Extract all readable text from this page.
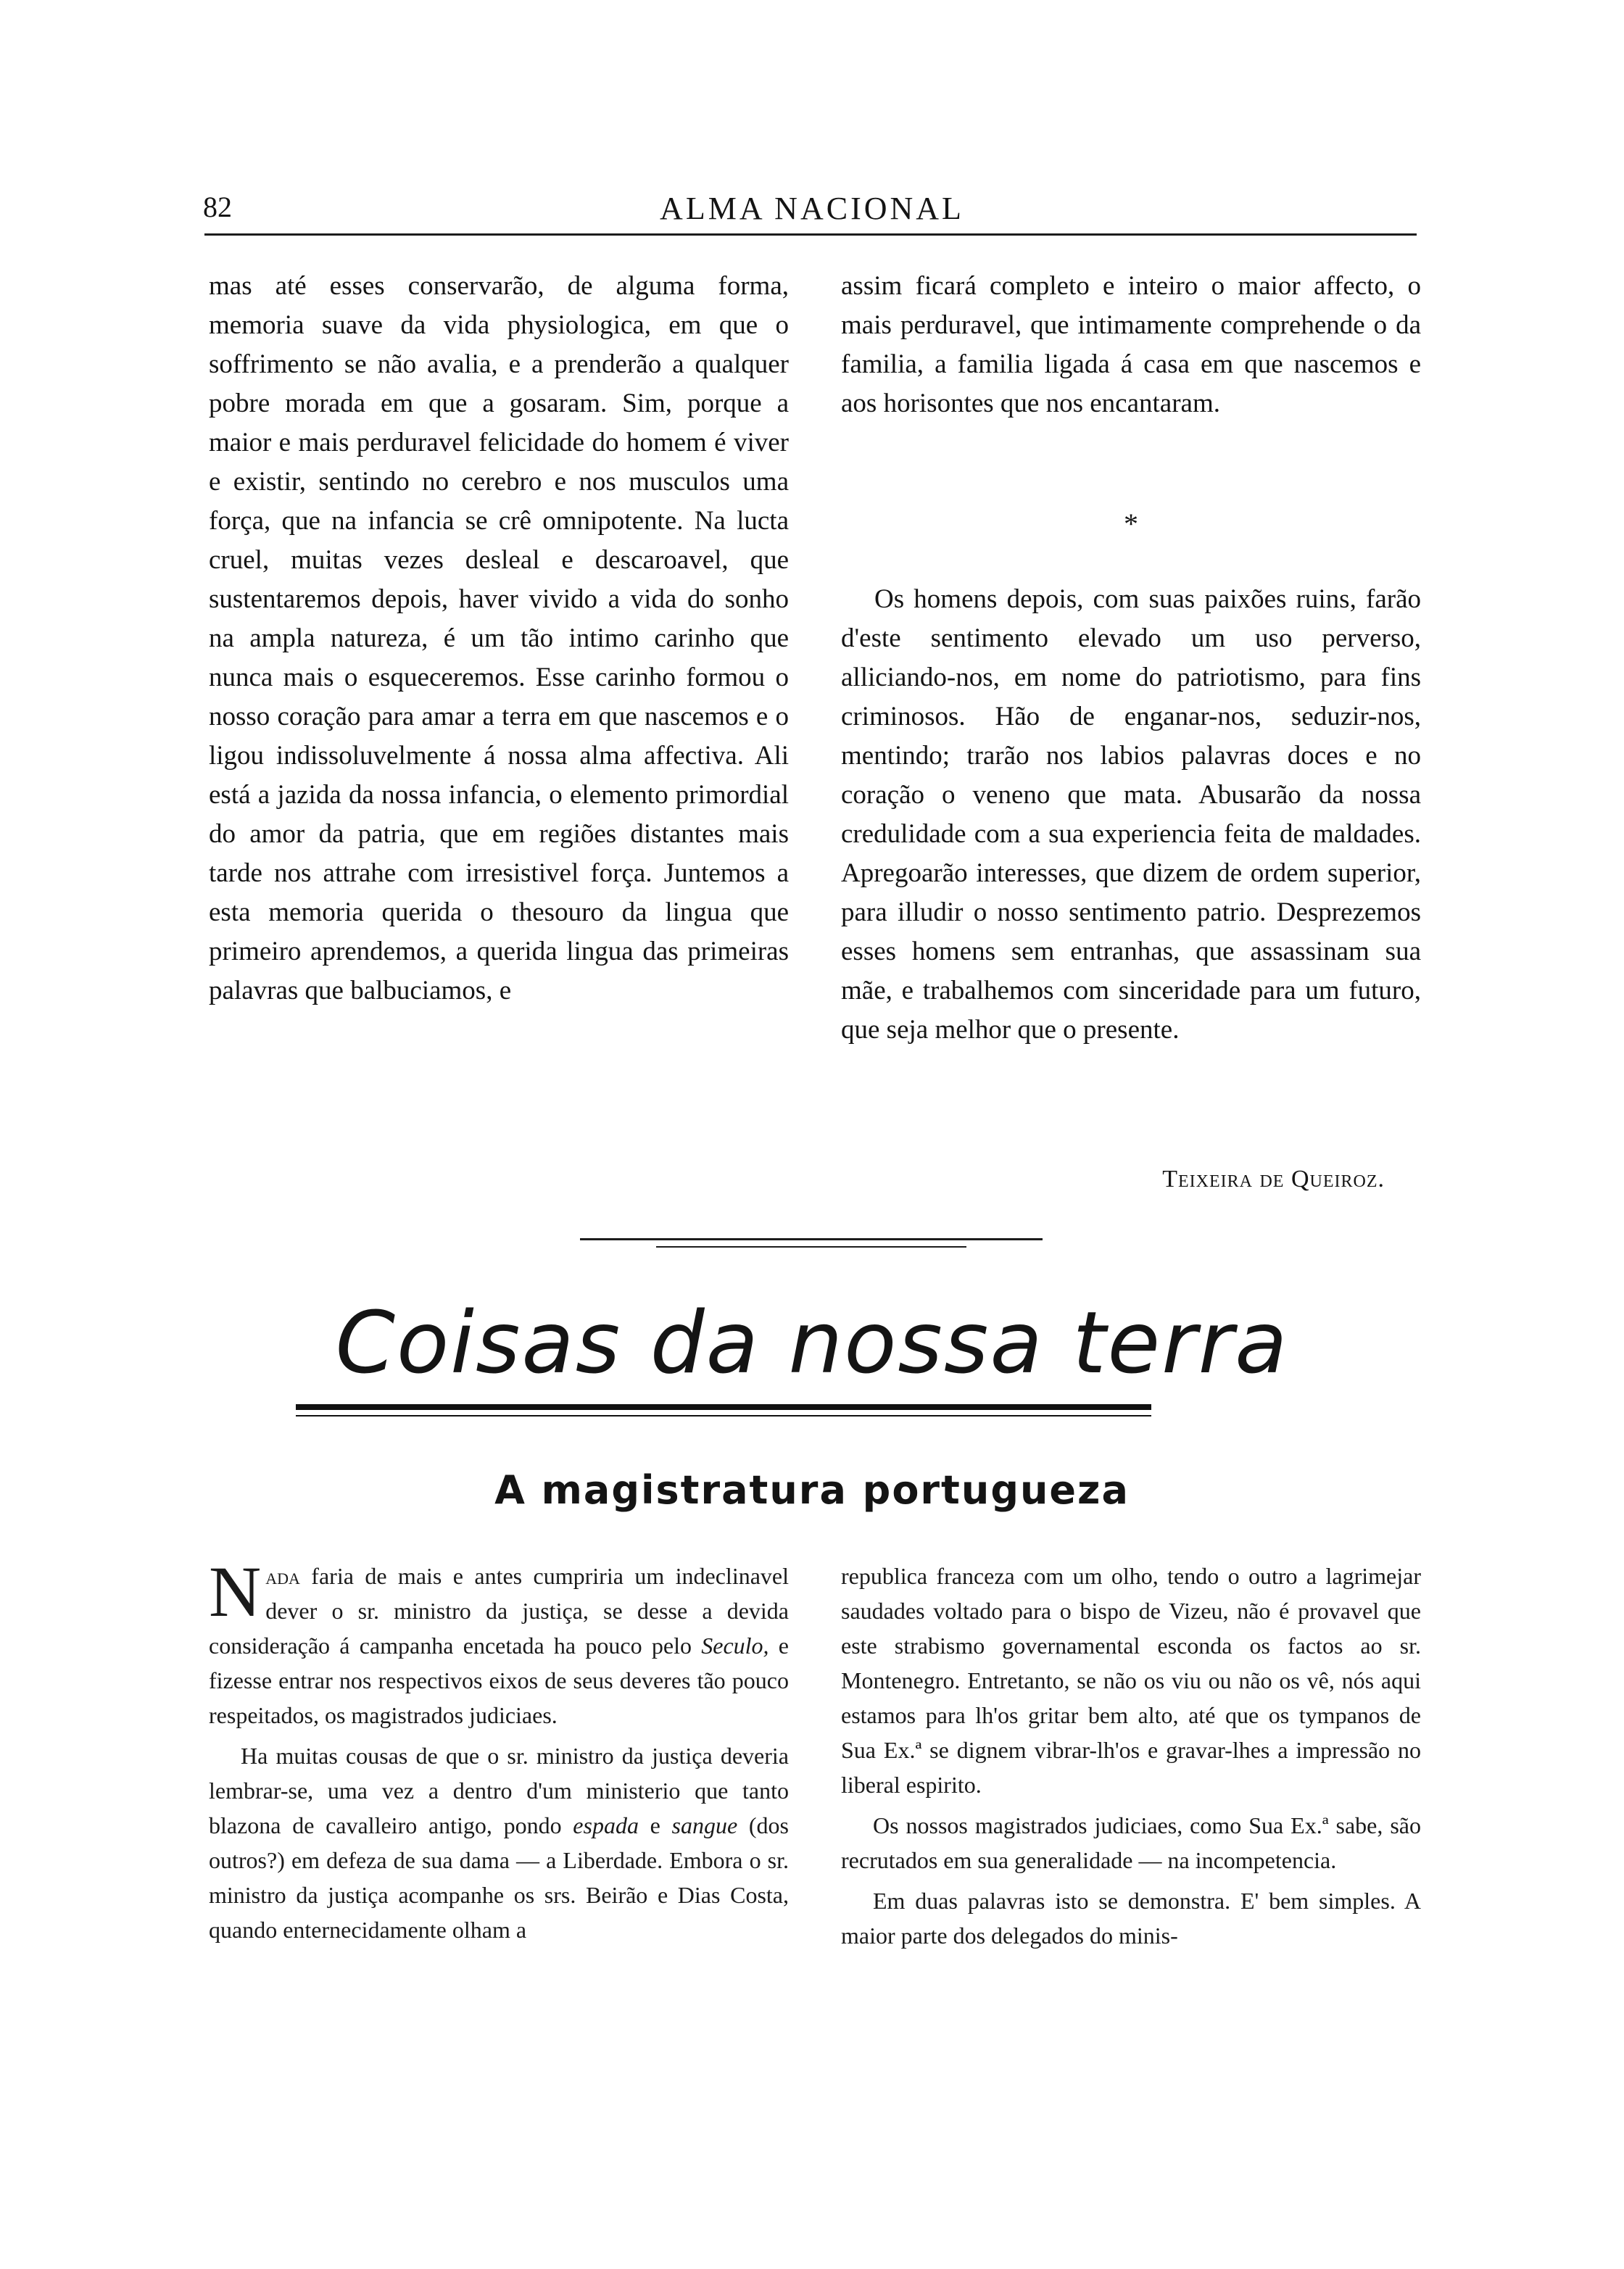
82	ALMA NACIONAL

mas até esses conservarão, de alguma forma, memoria suave da vida physiologica, em que o soffrimento se não avalia, e a prenderão a qualquer pobre morada em que a gosaram. Sim, porque a maior e mais perduravel felicidade do homem é viver e existir, sentindo no cerebro e nos musculos uma força, que na infancia se crê omnipotente. Na lucta cruel, muitas vezes desleal e descaroavel, que sustentaremos depois, haver vivido a vida do sonho na ampla natureza, é um tão intimo carinho que nunca mais o esqueceremos. Esse carinho formou o nosso coração para amar a terra em que nascemos e o ligou indissoluvelmente á nossa alma affectiva. Ali está a jazida da nossa infancia, o elemento primordial do amor da patria, que em regiões distantes mais tarde nos attrahe com irresistivel força. Juntemos a esta memoria querida o thesouro da lingua que primeiro aprendemos, a querida lingua das primeiras palavras que balbuciamos, e

assim ficará completo e inteiro o maior affecto, o mais perduravel, que intimamente comprehende o da familia, a familia ligada á casa em que nascemos e aos horisontes que nos encantaram.

*

Os homens depois, com suas paixões ruins, farão d'este sentimento elevado um uso perverso, alliciando-nos, em nome do patriotismo, para fins criminosos. Hão de enganar-nos, seduzir-nos, mentindo; trarão nos labios palavras doces e no coração o veneno que mata. Abusarão da nossa credulidade com a sua experiencia feita de maldades. Apregoarão interesses, que dizem de ordem superior, para illudir o nosso sentimento patrio. Desprezemos esses homens sem entranhas, que assassinam sua mãe, e trabalhemos com sinceridade para um futuro, que seja melhor que o presente.

Teixeira de Queiroz.
Coisas da nossa terra
A magistratura portugueza

Nada faria de mais e antes cumpriria um indeclinavel dever o sr. ministro da justiça, se desse a devida consideração á campanha encetada ha pouco pelo Seculo, e fizesse entrar nos respectivos eixos de seus deveres tão pouco respeitados, os magistrados judiciaes.

Ha muitas cousas de que o sr. ministro da justiça deveria lembrar-se, uma vez a dentro d'um ministerio que tanto blazona de cavalleiro antigo, pondo espada e sangue (dos outros?) em defeza de sua dama — a Liberdade. Embora o sr. ministro da justiça acompanhe os srs. Beirão e Dias Costa, quando enternecidamente olham a

republica franceza com um olho, tendo o outro a lagrimejar saudades voltado para o bispo de Vizeu, não é provavel que este strabismo governamental esconda os factos ao sr. Montenegro. Entretanto, se não os viu ou não os vê, nós aqui estamos para lh'os gritar bem alto, até que os tympanos de Sua Ex.ª se dignem vibrar-lh'os e gravar-lhes a impressão no liberal espirito.

Os nossos magistrados judiciaes, como Sua Ex.ª sabe, são recrutados em sua generalidade — na incompetencia.

Em duas palavras isto se demonstra. E' bem simples. A maior parte dos delegados do minis-
